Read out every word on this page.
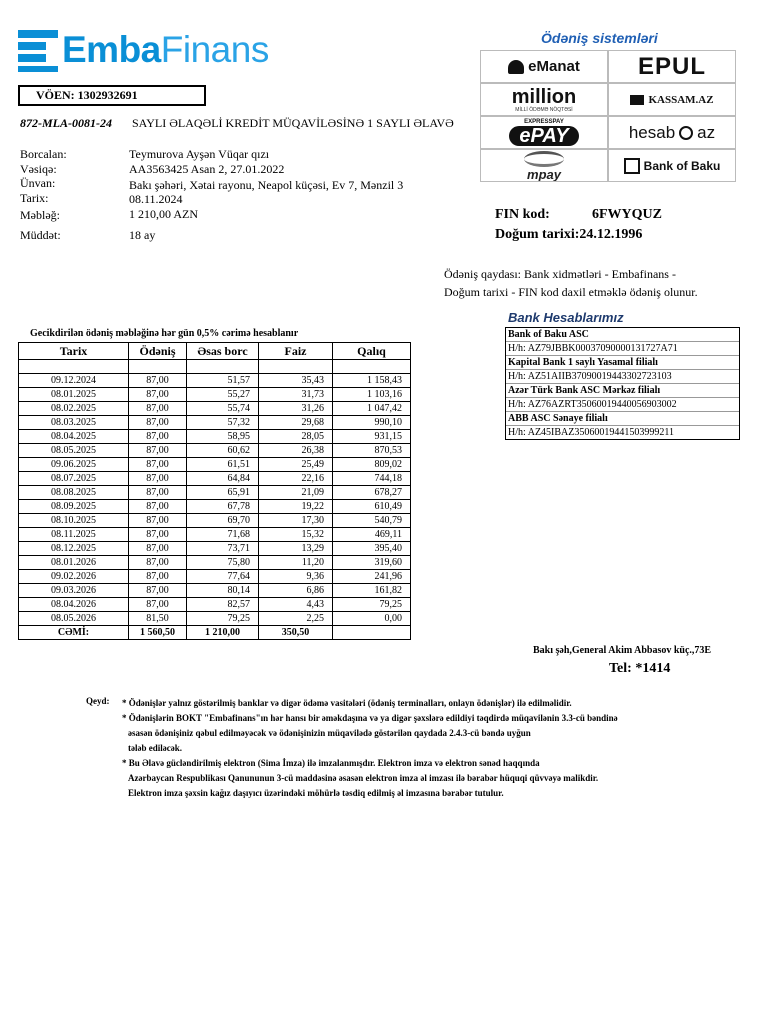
EmbaFinans
VÖEN: 1302932691
872-MLA-0081-24 SAYLI ƏLAQƏLİ KREDİT MÜQAVİLƏSİNƏ 1 SAYLI ƏLAVƏ
Borcalan:	Teymurova Ayşən Vüqar qızı
Vəsiqə:	AA3563425 Asan 2, 27.01.2022
Ünvan:	Bakı şəhəri, Xətai rayonu, Neapol küçəsi, Ev 7, Mənzil 3
Tarix:	08.11.2024
Məbləğ:	1 210,00 AZN
Müddət:	18 ay
Ödəniş sistemləri
eManat EPUL
million
MİLLİ ÖDƏMƏ NÖQTƏSİ
KASSAM.AZ
EXPRESSPAY
ePAY	hesab az
mpay
Bank of Baku
FIN kod:	6FWYQUZ
Doğum tarixi:24.12.1996
Ödəniş qaydası: Bank xidmətləri - Embafinans -
Doğum tarixi - FIN kod daxil etməklə ödəniş olunur.
Bank Hesablarımız
Bank of Baku ASC
H/h: AZ79JBBK00037090000131727A71
Kapital Bank 1 saylı Yasamal filialı
H/h: AZ51AIIB37090019443302723103
Azər Türk Bank ASC Mərkəz filialı
H/h: AZ76AZRT35060019440056903002
ABB ASC Sənaye filialı
H/h: AZ45IBAZ35060019441503999211
Gecikdirilən ödəniş məbləğinə hər gün 0,5% cərimə hesablanır
Tarix	Ödəniş	Əsas borc	Faiz	Qalıq

09.12.2024	87,00	51,57	35,43	1 158,43
08.01.2025	87,00	55,27	31,73	1 103,16
08.02.2025	87,00	55,74	31,26	1 047,42
08.03.2025	87,00	57,32	29,68	990,10
08.04.2025	87,00	58,95	28,05	931,15
08.05.2025	87,00	60,62	26,38	870,53
09.06.2025	87,00	61,51	25,49	809,02
08.07.2025	87,00	64,84	22,16	744,18
08.08.2025	87,00	65,91	21,09	678,27
08.09.2025	87,00	67,78	19,22	610,49
08.10.2025	87,00	69,70	17,30	540,79
08.11.2025	87,00	71,68	15,32	469,11
08.12.2025	87,00	73,71	13,29	395,40
08.01.2026	87,00	75,80	11,20	319,60
09.02.2026	87,00	77,64	9,36	241,96
09.03.2026	87,00	80,14	6,86	161,82
08.04.2026	87,00	82,57	4,43	79,25
08.05.2026	81,50	79,25	2,25	0,00
CƏMİ:	1 560,50	1 210,00	350,50	
Bakı şəh,General Akim Abbasov küç.,73E
Tel: *1414
Qeyd: * Ödənişlər yalnız göstərilmiş banklar və digər ödəmə vasitələri (ödəniş terminalları, onlayn ödənişlər) ilə edilməlidir.

* Ödənişlərin BOKT "Embafinans"ın hər hansı bir əməkdaşına və ya digər şəxslərə edildiyi təqdirdə müqavilənin 3.3-cü bəndinə

əsasən ödənişiniz qəbul edilməyəcək və ödənişinizin müqavilədə göstərilən qaydada 2.4.3-cü bəndə uyğun

tələb ediləcək.

* Bu Əlavə gücləndirilmiş elektron (Sima İmza) ilə imzalanmışdır. Elektron imza və elektron sənəd haqqında

Azərbaycan Respublikası Qanununun 3-cü maddəsinə əsasən elektron imza əl imzası ilə bərabər hüquqi qüvvəyə malikdir.

Elektron imza şəxsin kağız daşıyıcı üzərindəki möhürlə təsdiq edilmiş əl imzasına bərabər tutulur.
